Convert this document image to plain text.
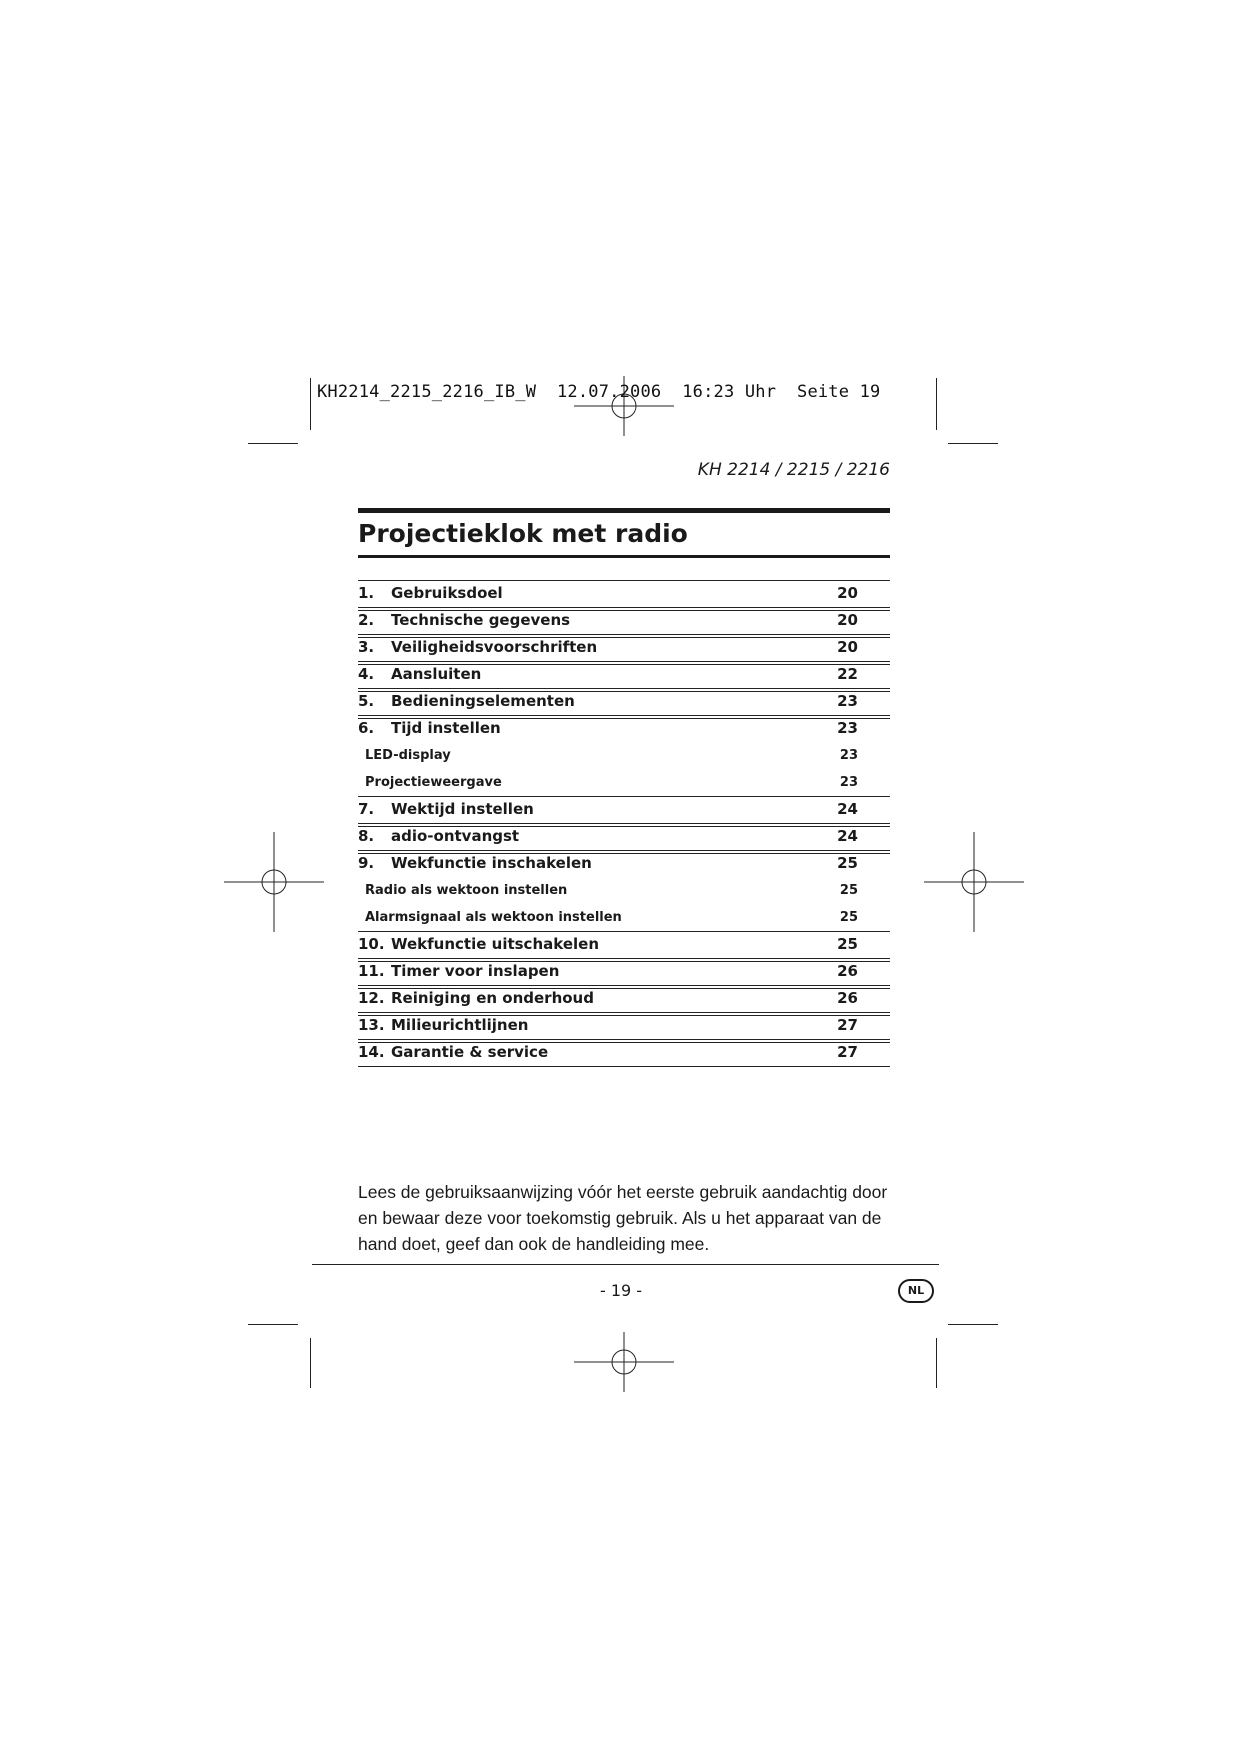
KH2214_2215_2216_IB_W  12.07.2006  16:23 Uhr  Seite 19
KH 2214 / 2215 / 2216
Projectieklok met radio
1. Gebruiksdoel	20
2. Technische gegevens	20
3. Veiligheidsvoorschriften	20
4. Aansluiten	22
5. Bedieningselementen	23
6. Tijd instellen	23
LED-display	23
Projectieweergave	23
7. Wektijd instellen	24
8. adio-ontvangst	24
9. Wekfunctie inschakelen	25
Radio als wektoon instellen	25
Alarmsignaal als wektoon instellen	25
10. Wekfunctie uitschakelen	25
11. Timer voor inslapen	26
12. Reiniging en onderhoud	26
13. Milieurichtlijnen	27
14. Garantie & service	27

Lees de gebruiksaanwijzing vóór het eerste gebruik aandachtig door en bewaar deze voor toekomstig gebruik. Als u het apparaat van de hand doet, geef dan ook de handleiding mee.

- 19 -	NL
